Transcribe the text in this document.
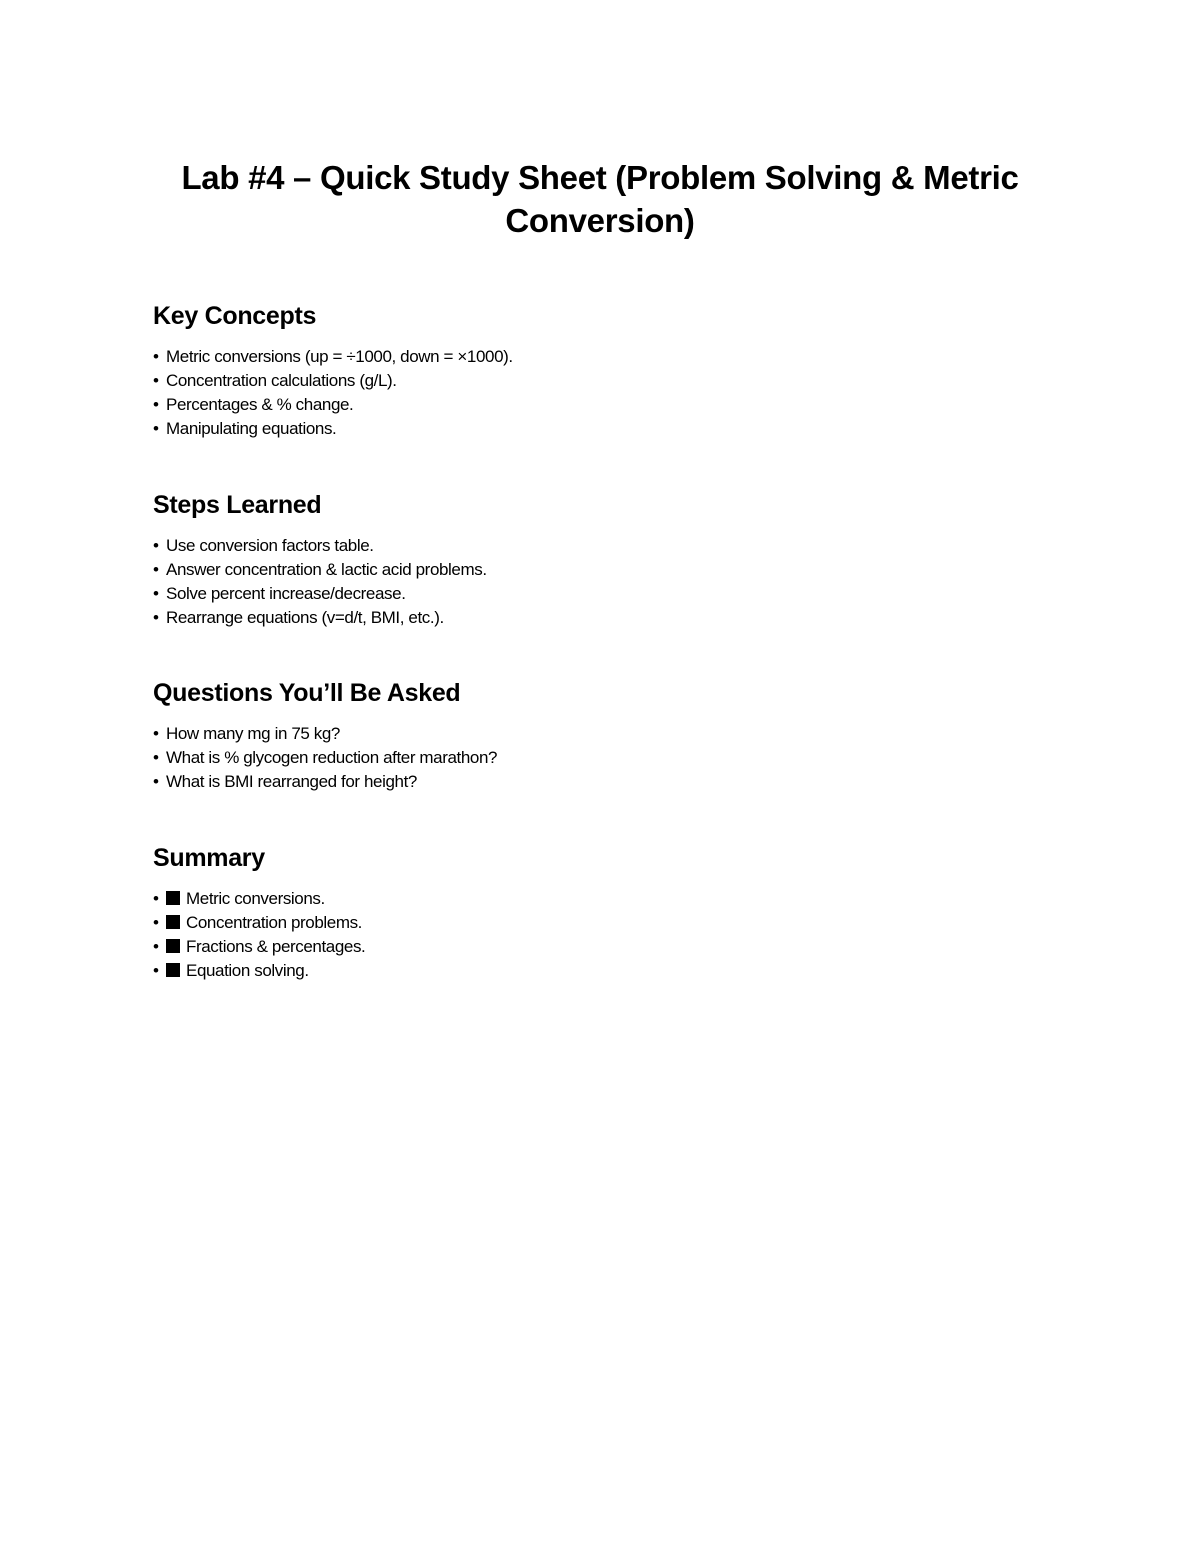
Lab #4 – Quick Study Sheet (Problem Solving & Metric Conversion)
Key Concepts
• Metric conversions (up = ÷1000, down = ×1000).
• Concentration calculations (g/L).
• Percentages & % change.
• Manipulating equations.
Steps Learned
• Use conversion factors table.
• Answer concentration & lactic acid problems.
• Solve percent increase/decrease.
• Rearrange equations (v=d/t, BMI, etc.).
Questions You’ll Be Asked
• How many mg in 75 kg?
• What is % glycogen reduction after marathon?
• What is BMI rearranged for height?
Summary
• Metric conversions.
• Concentration problems.
• Fractions & percentages.
• Equation solving.
